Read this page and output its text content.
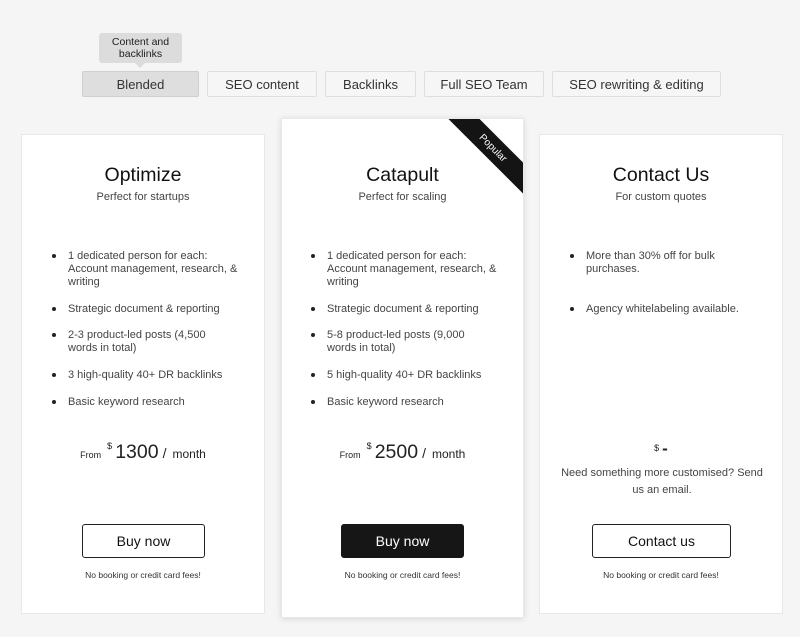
Content and backlinks
Blended	SEO content	Backlinks	Full SEO Team	SEO rewriting & editing
Optimize
Perfect for startups
1 dedicated person for each: Account management, research, & writing
Strategic document & reporting
2-3 product-led posts (4,500 words in total)
3 high-quality 40+ DR backlinks
Basic keyword research
From
$ 1300 / month
Buy now
No booking or credit card fees!
Popular
Catapult
Perfect for scaling
1 dedicated person for each: Account management, research, & writing
Strategic document & reporting
5-8 product-led posts (9,000 words in total)
5 high-quality 40+ DR backlinks
Basic keyword research
From
$ 2500 / month
Buy now
No booking or credit card fees!
Contact Us
For custom quotes
More than 30% off for bulk purchases.
Agency whitelabeling available.
$ -
Need something more customised? Send us an email.
Contact us
No booking or credit card fees!
